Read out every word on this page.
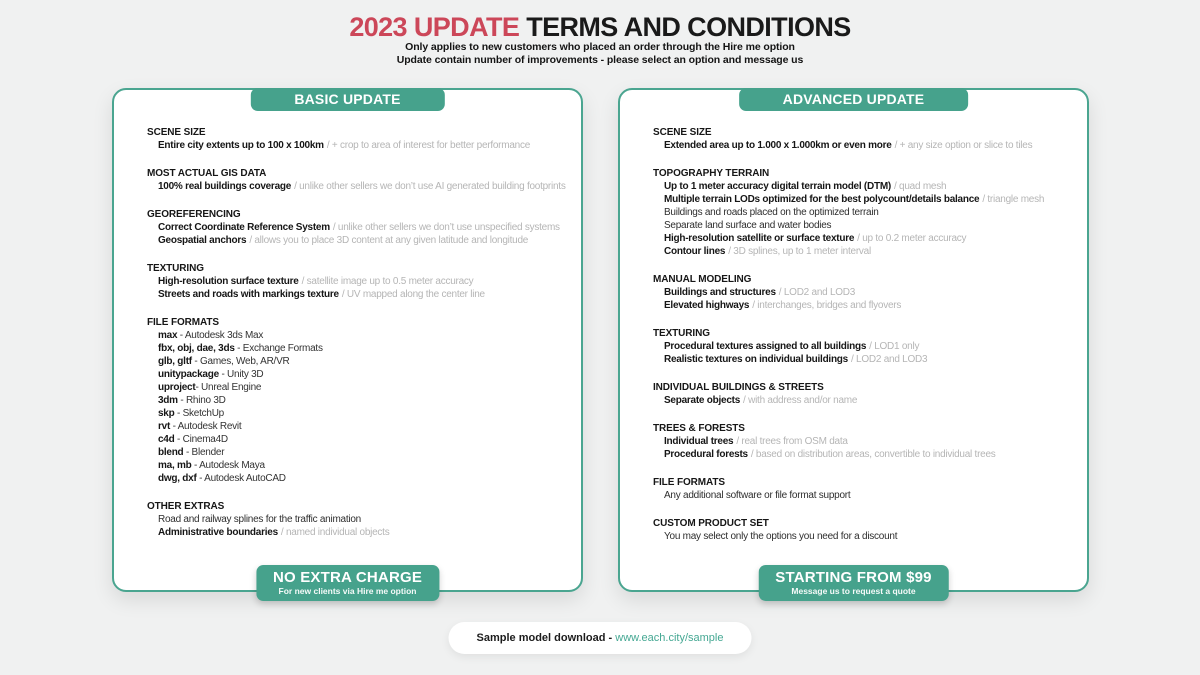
2023 UPDATE TERMS AND CONDITIONS
Only applies to new customers who placed an order through the Hire me option
Update contain number of improvements - please select an option and message us
BASIC UPDATE
SCENE SIZE
Entire city extents up to 100 x 100km / + crop to area of interest for better performance
MOST ACTUAL GIS DATA
100% real buildings coverage / unlike other sellers we don’t use AI generated building footprints
GEOREFERENCING
Correct Coordinate Reference System / unlike other sellers we don’t use unspecified systems
Geospatial anchors / allows you to place 3D content at any given latitude and longitude
TEXTURING
High-resolution surface texture / satellite image up to 0.5 meter accuracy
Streets and roads with markings texture / UV mapped along the center line
FILE FORMATS
max - Autodesk 3ds Max
fbx, obj, dae, 3ds - Exchange Formats
glb, gltf - Games, Web, AR/VR
unitypackage - Unity 3D
uproject- Unreal Engine
3dm - Rhino 3D
skp - SketchUp
rvt - Autodesk Revit
c4d - Cinema4D
blend - Blender
ma, mb - Autodesk Maya
dwg, dxf - Autodesk AutoCAD
OTHER EXTRAS
Road and railway splines for the traffic animation
Administrative boundaries / named individual objects
NO EXTRA CHARGE
For new clients via Hire me option
ADVANCED UPDATE
SCENE SIZE
Extended area up to 1.000 x 1.000km or even more / + any size option or slice to tiles
TOPOGRAPHY TERRAIN
Up to 1 meter accuracy digital terrain model (DTM) / quad mesh
Multiple terrain LODs optimized for the best polycount/details balance / triangle mesh
Buildings and roads placed on the optimized terrain
Separate land surface and water bodies
High-resolution satellite or surface texture / up to 0.2 meter accuracy
Contour lines / 3D splines, up to 1 meter interval
MANUAL MODELING
Buildings and structures / LOD2 and LOD3
Elevated highways / interchanges, bridges and flyovers
TEXTURING
Procedural textures assigned to all buildings / LOD1 only
Realistic textures on individual buildings / LOD2 and LOD3
INDIVIDUAL BUILDINGS & STREETS
Separate objects / with address and/or name
TREES & FORESTS
Individual trees / real trees from OSM data
Procedural forests / based on distribution areas, convertible to individual trees
FILE FORMATS
Any additional software or file format support
CUSTOM PRODUCT SET
You may select only the options you need for a discount
STARTING FROM $99
Message us to request a quote
Sample model download - www.each.city/sample
